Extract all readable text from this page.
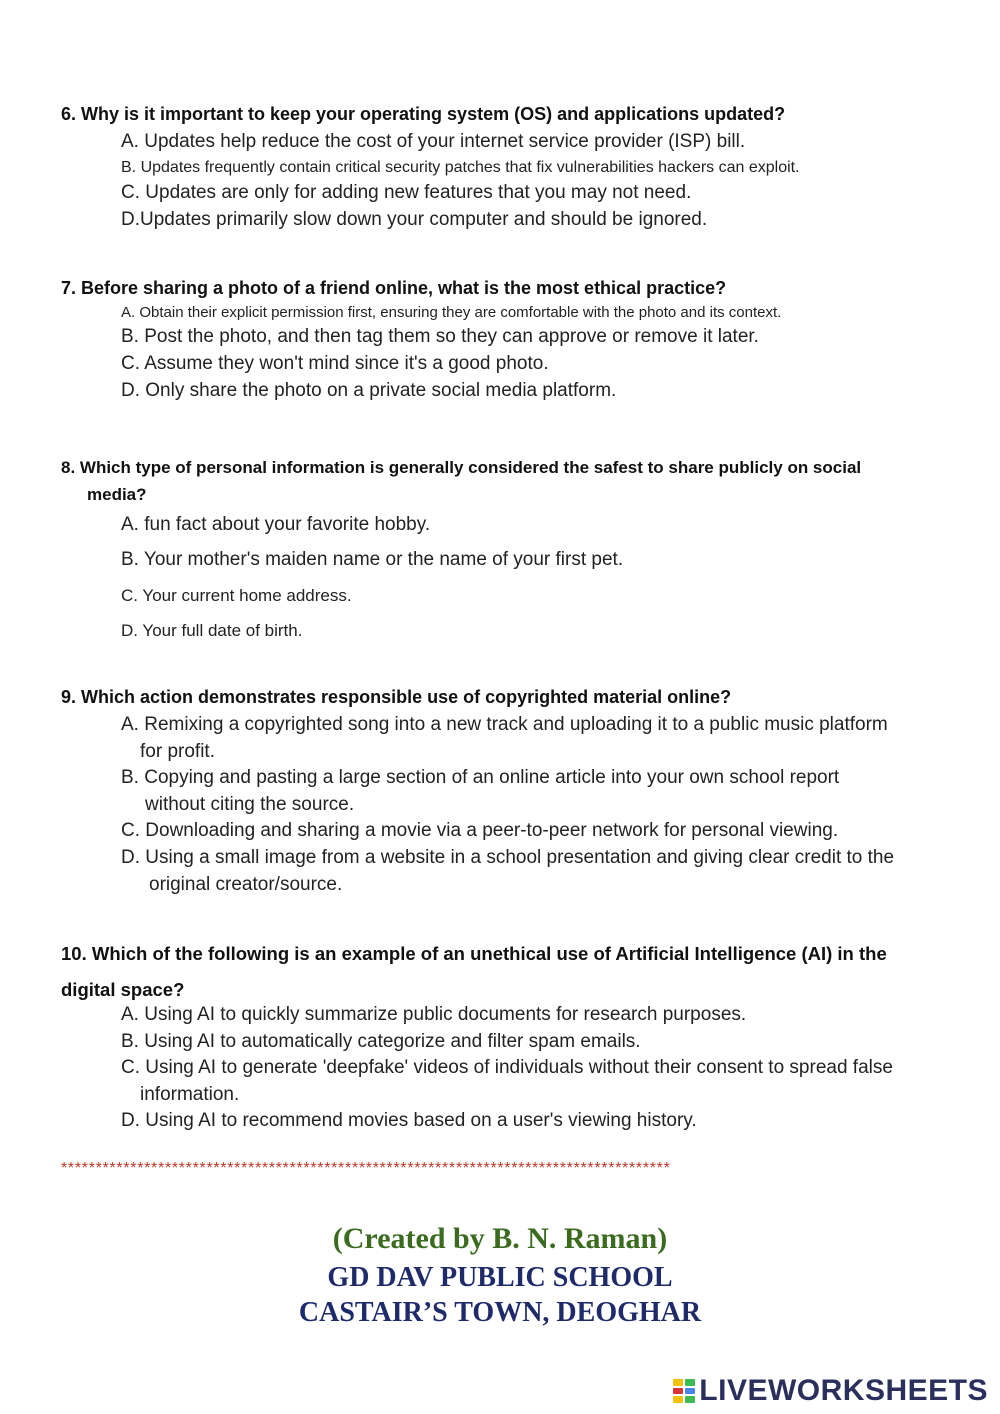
6. Why is it important to keep your operating system (OS) and applications updated?
A. Updates help reduce the cost of your internet service provider (ISP) bill.
B. Updates frequently contain critical security patches that fix vulnerabilities hackers can exploit.
C. Updates are only for adding new features that you may not need.
D.Updates primarily slow down your computer and should be ignored.
7. Before sharing a photo of a friend online, what is the most ethical practice?
A. Obtain their explicit permission first, ensuring they are comfortable with the photo and its context.
B. Post the photo, and then tag them so they can approve or remove it later.
C. Assume they won't mind since it's a good photo.
D. Only share the photo on a private social media platform.
8. Which type of personal information is generally considered the safest to share publicly on social
media?
A. fun fact about your favorite hobby.
B. Your mother's maiden name or the name of your first pet.
C. Your current home address.
D. Your full date of birth.
9. Which action demonstrates responsible use of copyrighted material online?
A. Remixing a copyrighted song into a new track and uploading it to a public music platform
for profit.
B. Copying and pasting a large section of an online article into your own school report
without citing the source.
C. Downloading and sharing a movie via a peer-to-peer network for personal viewing.
D. Using a small image from a website in a school presentation and giving clear credit to the
original creator/source.
10. Which of the following is an example of an unethical use of Artificial Intelligence (AI) in the
digital space?
A. Using AI to quickly summarize public documents for research purposes.
B. Using AI to automatically categorize and filter spam emails.
C. Using AI to generate 'deepfake' videos of individuals without their consent to spread false
information.
D. Using AI to recommend movies based on a user's viewing history.
****************************************************************************************
(Created by B. N. Raman)
GD DAV PUBLIC SCHOOL
CASTAIR’S TOWN, DEOGHAR
LIVEWORKSHEETS
